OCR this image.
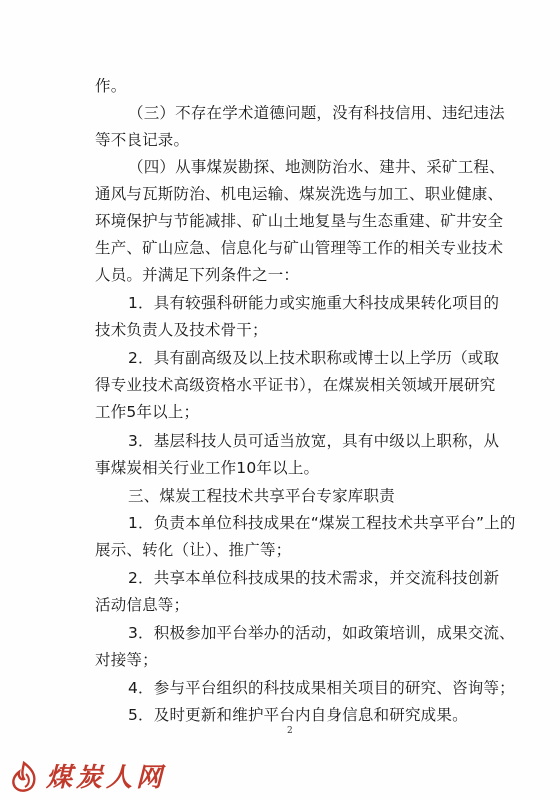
作。
（三）不存在学术道德问题，没有科技信用、违纪违法
等不良记录。
（四）从事煤炭勘探、地测防治水、建井、采矿工程、
通风与瓦斯防治、机电运输、煤炭洗选与加工、职业健康、
环境保护与节能减排、矿山土地复垦与生态重建、矿井安全
生产、矿山应急、信息化与矿山管理等工作的相关专业技术
人员。并满足下列条件之一：
1．具有较强科研能力或实施重大科技成果转化项目的
技术负责人及技术骨干；
2．具有副高级及以上技术职称或博士以上学历（或取
得专业技术高级资格水平证书），在煤炭相关领域开展研究
工作5年以上；
3．基层科技人员可适当放宽，具有中级以上职称，从
事煤炭相关行业工作10年以上。
三、煤炭工程技术共享平台专家库职责
1．负责本单位科技成果在“煤炭工程技术共享平台”上的
展示、转化（让）、推广等；
2．共享本单位科技成果的技术需求，并交流科技创新
活动信息等；
3．积极参加平台举办的活动，如政策培训，成果交流、
对接等；
4．参与平台组织的科技成果相关项目的研究、咨询等；
5．及时更新和维护平台内自身信息和研究成果。
2
煤炭人网
